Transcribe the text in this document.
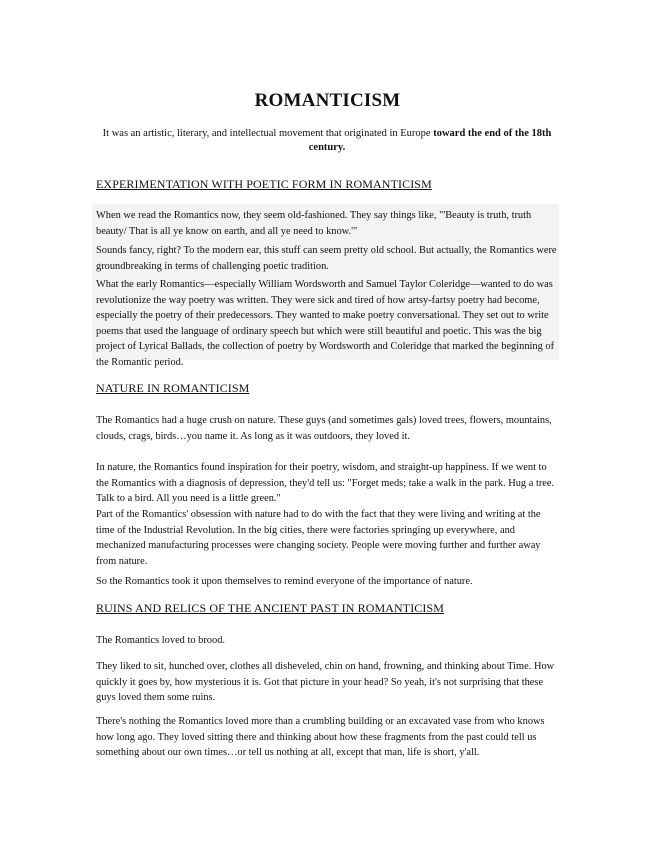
ROMANTICISM
It was an artistic, literary, and intellectual movement that originated in Europe toward the end of the 18th century.
EXPERIMENTATION WITH POETIC FORM IN ROMANTICISM
When we read the Romantics now, they seem old-fashioned. They say things like, "'Beauty is truth, truth beauty/ That is all ye know on earth, and all ye need to know.'"
Sounds fancy, right? To the modern ear, this stuff can seem pretty old school. But actually, the Romantics were groundbreaking in terms of challenging poetic tradition.
What the early Romantics—especially William Wordsworth and Samuel Taylor Coleridge—wanted to do was revolutionize the way poetry was written. They were sick and tired of how artsy-fartsy poetry had become, especially the poetry of their predecessors. They wanted to make poetry conversational. They set out to write poems that used the language of ordinary speech but which were still beautiful and poetic. This was the big project of Lyrical Ballads, the collection of poetry by Wordsworth and Coleridge that marked the beginning of the Romantic period.
NATURE IN ROMANTICISM
The Romantics had a huge crush on nature. These guys (and sometimes gals) loved trees, flowers, mountains, clouds, crags, birds…you name it. As long as it was outdoors, they loved it.
In nature, the Romantics found inspiration for their poetry, wisdom, and straight-up happiness. If we went to the Romantics with a diagnosis of depression, they'd tell us: "Forget meds; take a walk in the park. Hug a tree. Talk to a bird. All you need is a little green."
Part of the Romantics' obsession with nature had to do with the fact that they were living and writing at the time of the Industrial Revolution. In the big cities, there were factories springing up everywhere, and mechanized manufacturing processes were changing society. People were moving further and further away from nature.
So the Romantics took it upon themselves to remind everyone of the importance of nature.
RUINS AND RELICS OF THE ANCIENT PAST IN ROMANTICISM
The Romantics loved to brood.
They liked to sit, hunched over, clothes all disheveled, chin on hand, frowning, and thinking about Time. How quickly it goes by, how mysterious it is. Got that picture in your head? So yeah, it's not surprising that these guys loved them some ruins.
There's nothing the Romantics loved more than a crumbling building or an excavated vase from who knows how long ago. They loved sitting there and thinking about how these fragments from the past could tell us something about our own times…or tell us nothing at all, except that man, life is short, y'all.
